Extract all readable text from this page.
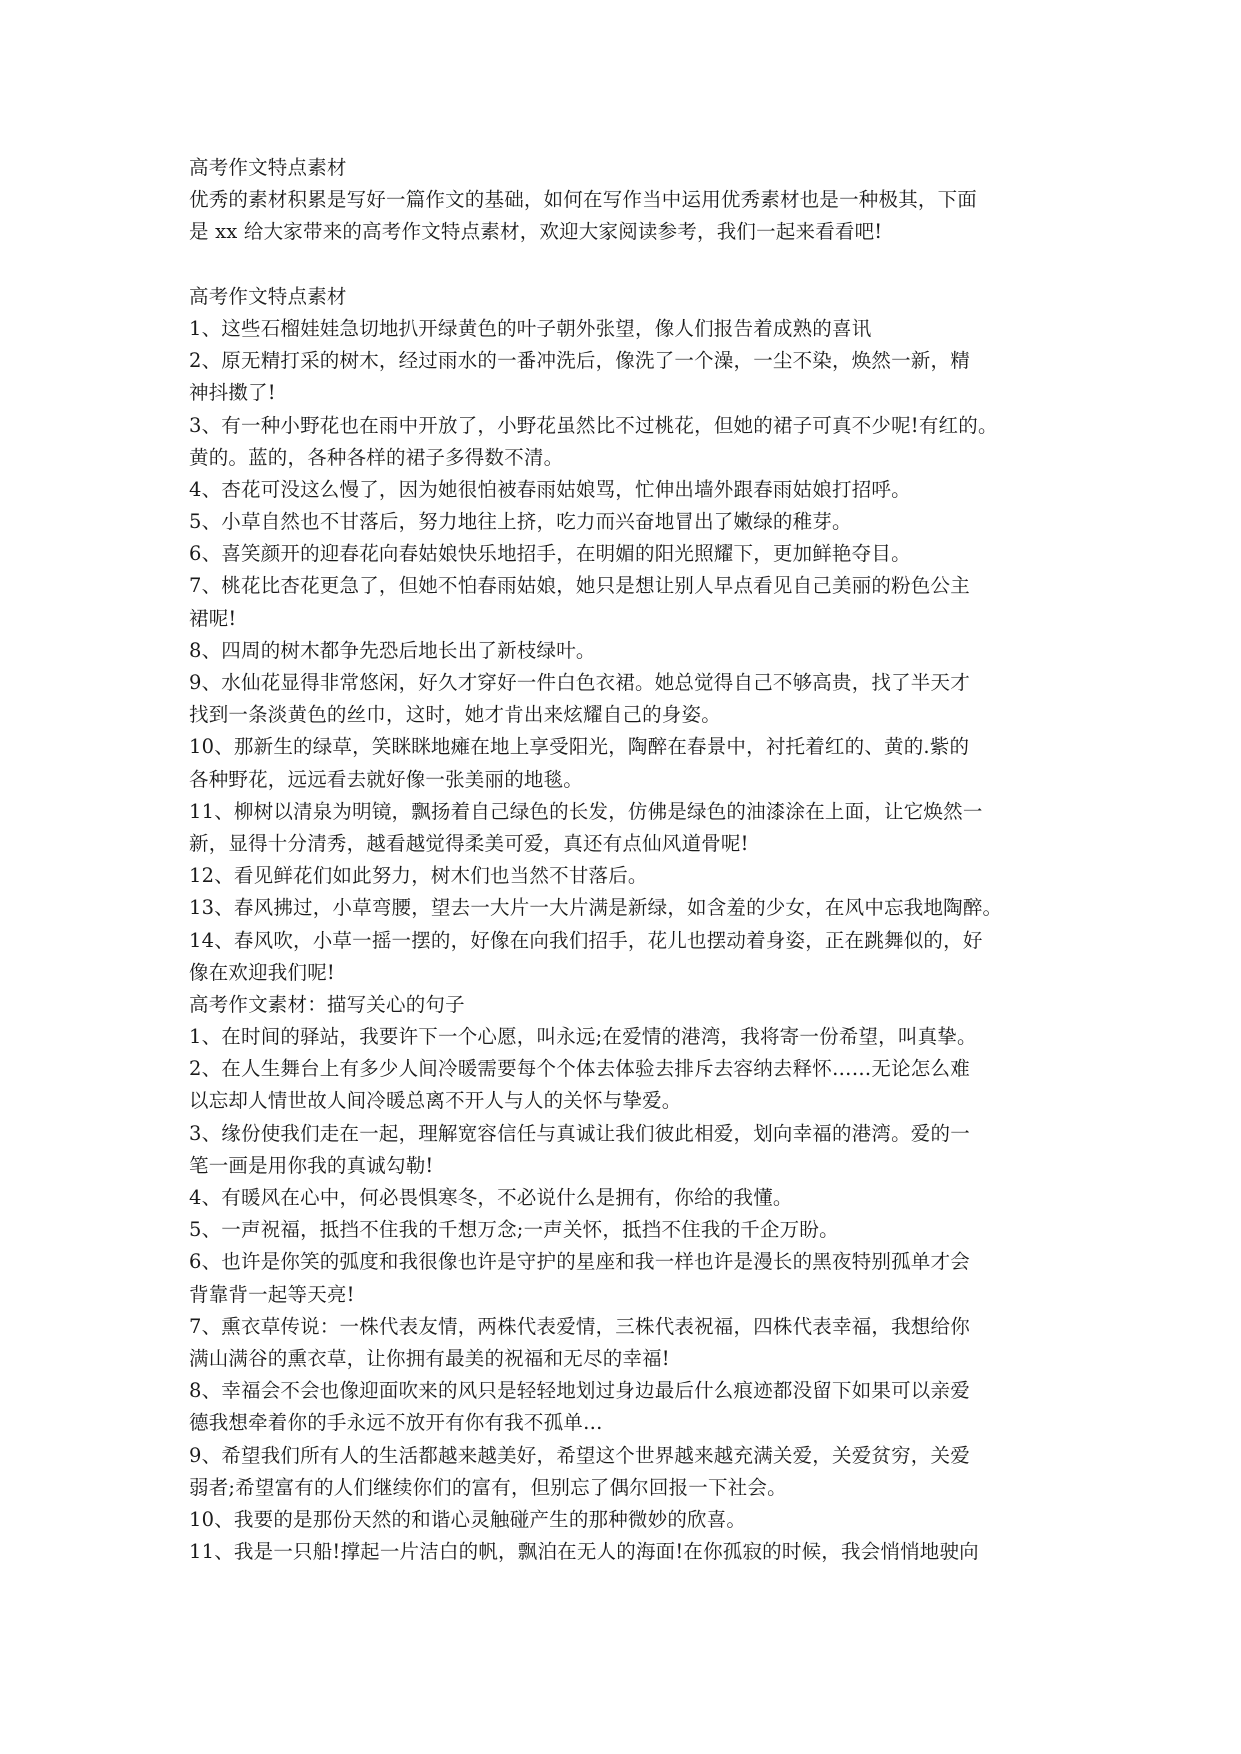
高考作文特点素材
优秀的素材积累是写好一篇作文的基础，如何在写作当中运用优秀素材也是一种极其，下面
是 xx 给大家带来的高考作文特点素材，欢迎大家阅读参考，我们一起来看看吧!
高考作文特点素材
1、这些石榴娃娃急切地扒开绿黄色的叶子朝外张望，像人们报告着成熟的喜讯
2、原无精打采的树木，经过雨水的一番冲洗后，像洗了一个澡，一尘不染，焕然一新，精
神抖擞了!
3、有一种小野花也在雨中开放了，小野花虽然比不过桃花，但她的裙子可真不少呢!有红的。
黄的。蓝的，各种各样的裙子多得数不清。
4、杏花可没这么慢了，因为她很怕被春雨姑娘骂，忙伸出墙外跟春雨姑娘打招呼。
5、小草自然也不甘落后，努力地往上挤，吃力而兴奋地冒出了嫩绿的稚芽。
6、喜笑颜开的迎春花向春姑娘快乐地招手，在明媚的阳光照耀下，更加鲜艳夺目。
7、桃花比杏花更急了，但她不怕春雨姑娘，她只是想让别人早点看见自己美丽的粉色公主
裙呢!
8、四周的树木都争先恐后地长出了新枝绿叶。
9、水仙花显得非常悠闲，好久才穿好一件白色衣裙。她总觉得自己不够高贵，找了半天才
找到一条淡黄色的丝巾，这时，她才肯出来炫耀自己的身姿。
10、那新生的绿草，笑眯眯地瘫在地上享受阳光，陶醉在春景中，衬托着红的、黄的.紫的
各种野花，远远看去就好像一张美丽的地毯。
11、柳树以清泉为明镜，飘扬着自己绿色的长发，仿佛是绿色的油漆涂在上面，让它焕然一
新，显得十分清秀，越看越觉得柔美可爱，真还有点仙风道骨呢!
12、看见鲜花们如此努力，树木们也当然不甘落后。
13、春风拂过，小草弯腰，望去一大片一大片满是新绿，如含羞的少女，在风中忘我地陶醉。
14、春风吹，小草一摇一摆的，好像在向我们招手，花儿也摆动着身姿，正在跳舞似的，好
像在欢迎我们呢!
高考作文素材：描写关心的句子
1、在时间的驿站，我要许下一个心愿，叫永远;在爱情的港湾，我将寄一份希望，叫真挚。
2、在人生舞台上有多少人间冷暖需要每个个体去体验去排斥去容纳去释怀……无论怎么难
以忘却人情世故人间冷暖总离不开人与人的关怀与挚爱。
3、缘份使我们走在一起，理解宽容信任与真诚让我们彼此相爱，划向幸福的港湾。爱的一
笔一画是用你我的真诚勾勒!
4、有暖风在心中，何必畏惧寒冬，不必说什么是拥有，你给的我懂。
5、一声祝福，抵挡不住我的千想万念;一声关怀，抵挡不住我的千企万盼。
6、也许是你笑的弧度和我很像也许是守护的星座和我一样也许是漫长的黑夜特别孤单才会
背靠背一起等天亮!
7、熏衣草传说：一株代表友情，两株代表爱情，三株代表祝福，四株代表幸福，我想给你
满山满谷的熏衣草，让你拥有最美的祝福和无尽的幸福!
8、幸福会不会也像迎面吹来的风只是轻轻地划过身边最后什么痕迹都没留下如果可以亲爱
德我想牵着你的手永远不放开有你有我不孤单…
9、希望我们所有人的生活都越来越美好，希望这个世界越来越充满关爱，关爱贫穷，关爱
弱者;希望富有的人们继续你们的富有，但别忘了偶尔回报一下社会。
10、我要的是那份天然的和谐心灵触碰产生的那种微妙的欣喜。
11、我是一只船!撑起一片洁白的帆，飘泊在无人的海面!在你孤寂的时候，我会悄悄地驶向
